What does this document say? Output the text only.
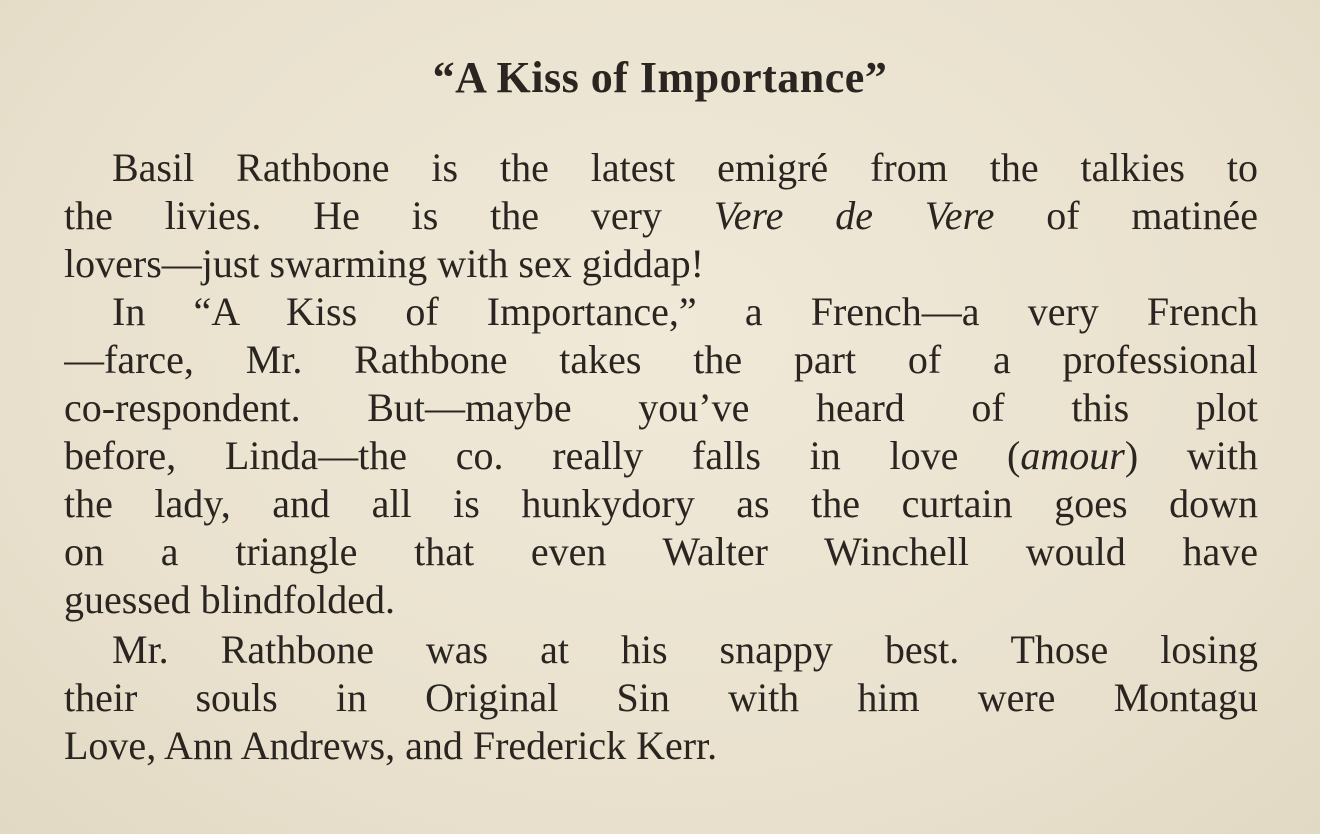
“A Kiss of Importance”
Basil Rathbone is the latest emigré from the talkies to
the livies. He is the very Vere de Vere of matinée
lovers—just swarming with sex giddap!
In “A Kiss of Importance,” a French—a very French
—farce, Mr. Rathbone takes the part of a professional
co-respondent. But—maybe you’ve heard of this plot
before, Linda—the co. really falls in love (amour) with
the lady, and all is hunkydory as the curtain goes down
on a triangle that even Walter Winchell would have
guessed blindfolded.
Mr. Rathbone was at his snappy best. Those losing
their souls in Original Sin with him were Montagu
Love, Ann Andrews, and Frederick Kerr.
